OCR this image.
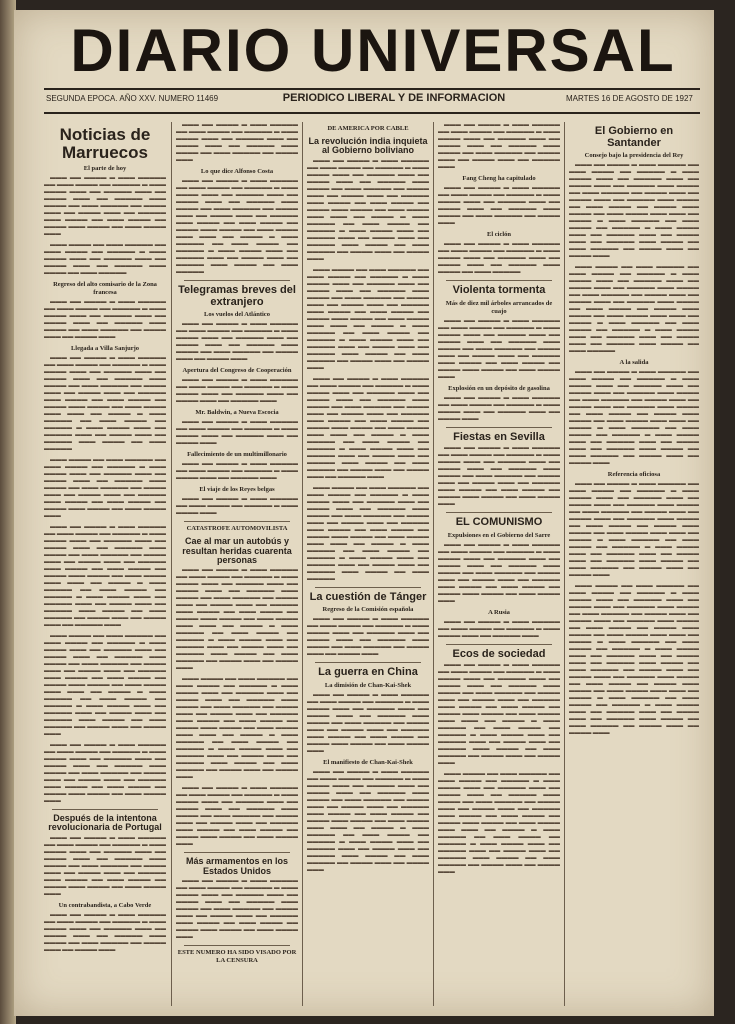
DIARIO UNIVERSAL
SEGUNDA EPOCA. AÑO XXV. NUMERO 11469	PERIODICO LIBERAL Y DE INFORMACION	MARTES 16 DE AGOSTO DE 1927
Noticias de Marruecos
El parte de hoy

▬▬▬ ▬▬ ▬▬▬▬ ▬ ▬▬▬ ▬▬▬▬▬ ▬▬ ▬▬▬ ▬▬▬▬ ▬▬ ▬▬▬▬▬ ▬ ▬▬▬ ▬▬▬▬ ▬▬▬ ▬▬ ▬▬▬▬▬ ▬▬▬ ▬▬ ▬▬▬▬ ▬▬▬ ▬▬ ▬▬▬▬▬ ▬▬▬ ▬▬▬▬ ▬▬ ▬▬▬ ▬▬▬▬▬ ▬▬ ▬▬▬▬ ▬▬▬ ▬▬ ▬▬▬▬ ▬▬▬ ▬▬ ▬▬▬▬▬ ▬▬▬ ▬▬▬▬ ▬▬ ▬▬▬ ▬▬▬▬ ▬▬ ▬▬▬▬ ▬▬▬ ▬▬▬▬ ▬▬ ▬▬▬ ▬▬▬▬ ▬▬▬

▬▬▬ ▬▬▬▬ ▬▬ ▬▬▬ ▬▬▬▬▬ ▬▬ ▬▬▬ ▬▬▬▬ ▬▬ ▬▬▬▬▬ ▬ ▬▬▬ ▬▬▬▬ ▬▬▬ ▬▬ ▬▬▬▬▬ ▬▬▬ ▬▬ ▬▬▬▬ ▬▬▬ ▬▬ ▬▬▬▬▬ ▬▬▬ ▬▬▬▬ ▬▬ ▬▬▬ ▬▬▬▬▬

Regreso del alto comisario de la Zona francesa

▬▬▬ ▬▬ ▬▬▬▬ ▬ ▬▬▬ ▬▬▬▬▬ ▬▬ ▬▬▬ ▬▬▬▬ ▬▬ ▬▬▬▬▬ ▬ ▬▬▬ ▬▬▬▬ ▬▬▬ ▬▬ ▬▬▬▬▬ ▬▬▬ ▬▬ ▬▬▬▬ ▬▬▬ ▬▬ ▬▬▬▬▬ ▬▬▬ ▬▬▬▬ ▬▬ ▬▬▬ ▬▬▬▬▬ ▬▬ ▬▬▬▬ ▬▬▬ ▬▬ ▬▬▬▬ ▬▬▬

Llegada a Villa Sanjurjo

▬▬▬ ▬▬ ▬▬▬▬ ▬ ▬▬▬ ▬▬▬▬▬ ▬▬ ▬▬▬ ▬▬▬▬ ▬▬ ▬▬▬▬▬ ▬ ▬▬▬ ▬▬▬▬ ▬▬▬ ▬▬ ▬▬▬▬▬ ▬▬▬ ▬▬ ▬▬▬▬ ▬▬▬ ▬▬ ▬▬▬▬▬ ▬▬▬ ▬▬▬▬ ▬▬ ▬▬▬ ▬▬▬▬▬ ▬▬ ▬▬▬▬ ▬▬▬ ▬▬ ▬▬▬▬ ▬▬▬ ▬▬ ▬▬▬▬▬ ▬▬▬ ▬▬▬▬ ▬▬ ▬▬▬ ▬▬▬▬ ▬▬ ▬▬▬▬ ▬▬▬ ▬▬▬▬ ▬▬ ▬▬▬ ▬▬▬▬ ▬▬▬ ▬▬▬ ▬▬ ▬▬▬▬ ▬ ▬▬▬ ▬▬▬▬▬ ▬▬ ▬▬▬ ▬▬▬▬ ▬▬ ▬▬▬▬▬ ▬ ▬▬▬ ▬▬▬▬ ▬▬▬ ▬▬ ▬▬▬▬▬ ▬▬▬ ▬▬ ▬▬▬▬ ▬▬▬ ▬▬ ▬▬▬▬▬ ▬▬▬ ▬▬▬▬ ▬▬ ▬▬▬ ▬▬▬▬▬

▬▬▬ ▬▬▬▬ ▬▬ ▬▬▬ ▬▬▬▬▬ ▬▬ ▬▬▬ ▬▬▬▬ ▬▬ ▬▬▬▬▬ ▬ ▬▬▬ ▬▬▬▬ ▬▬▬ ▬▬ ▬▬▬▬▬ ▬▬▬ ▬▬ ▬▬▬▬ ▬▬▬ ▬▬ ▬▬▬▬▬ ▬▬▬ ▬▬▬▬ ▬▬ ▬▬▬ ▬▬▬▬▬ ▬▬ ▬▬▬▬ ▬▬▬ ▬▬ ▬▬▬▬ ▬▬▬ ▬▬ ▬▬▬▬▬ ▬▬▬ ▬▬▬▬ ▬▬ ▬▬▬ ▬▬▬▬ ▬▬ ▬▬▬▬ ▬▬▬ ▬▬▬▬ ▬▬ ▬▬▬ ▬▬▬▬ ▬▬▬

▬▬▬ ▬▬ ▬▬▬▬ ▬ ▬▬▬ ▬▬▬▬▬ ▬▬ ▬▬▬ ▬▬▬▬ ▬▬ ▬▬▬▬▬ ▬ ▬▬▬ ▬▬▬▬ ▬▬▬ ▬▬ ▬▬▬▬▬ ▬▬▬ ▬▬ ▬▬▬▬ ▬▬▬ ▬▬ ▬▬▬▬▬ ▬▬▬ ▬▬▬▬ ▬▬ ▬▬▬ ▬▬▬▬▬ ▬▬ ▬▬▬▬ ▬▬▬ ▬▬ ▬▬▬▬ ▬▬▬ ▬▬ ▬▬▬▬▬ ▬▬▬ ▬▬▬▬ ▬▬ ▬▬▬ ▬▬▬▬ ▬▬ ▬▬▬▬ ▬▬▬ ▬▬▬▬ ▬▬ ▬▬▬ ▬▬▬▬ ▬▬▬ ▬▬▬ ▬▬ ▬▬▬▬ ▬ ▬▬▬ ▬▬▬▬▬ ▬▬ ▬▬▬ ▬▬▬▬ ▬▬ ▬▬▬▬▬ ▬ ▬▬▬ ▬▬▬▬ ▬▬▬ ▬▬ ▬▬▬▬▬ ▬▬▬ ▬▬ ▬▬▬▬ ▬▬▬ ▬▬ ▬▬▬▬▬ ▬▬▬ ▬▬▬▬ ▬▬ ▬▬▬ ▬▬▬▬▬ ▬▬ ▬▬▬▬ ▬▬▬ ▬▬ ▬▬▬▬ ▬▬▬ ▬▬ ▬▬▬▬▬ ▬▬▬

▬▬▬ ▬▬▬▬ ▬▬ ▬▬▬ ▬▬▬▬▬ ▬▬ ▬▬▬ ▬▬▬▬ ▬▬ ▬▬▬▬▬ ▬ ▬▬▬ ▬▬▬▬ ▬▬▬ ▬▬ ▬▬▬▬▬ ▬▬▬ ▬▬ ▬▬▬▬ ▬▬▬ ▬▬ ▬▬▬▬▬ ▬▬▬ ▬▬▬▬ ▬▬ ▬▬▬ ▬▬▬▬▬ ▬▬ ▬▬▬▬ ▬▬▬ ▬▬ ▬▬▬▬ ▬▬▬ ▬▬ ▬▬▬▬▬ ▬▬▬ ▬▬▬▬ ▬▬ ▬▬▬ ▬▬▬▬ ▬▬ ▬▬▬▬ ▬▬▬ ▬▬▬▬ ▬▬ ▬▬▬ ▬▬▬▬ ▬▬▬ ▬▬▬ ▬▬ ▬▬▬▬ ▬ ▬▬▬ ▬▬▬▬▬ ▬▬ ▬▬▬ ▬▬▬▬ ▬▬ ▬▬▬▬▬ ▬ ▬▬▬ ▬▬▬▬ ▬▬▬ ▬▬ ▬▬▬▬▬ ▬▬▬ ▬▬ ▬▬▬▬ ▬▬▬ ▬▬ ▬▬▬▬▬ ▬▬▬ ▬▬▬▬ ▬▬ ▬▬▬ ▬▬▬▬▬ ▬▬ ▬▬▬▬ ▬▬▬ ▬▬ ▬▬▬▬ ▬▬▬

▬▬▬ ▬▬ ▬▬▬▬ ▬ ▬▬▬ ▬▬▬▬▬ ▬▬ ▬▬▬ ▬▬▬▬ ▬▬ ▬▬▬▬▬ ▬ ▬▬▬ ▬▬▬▬ ▬▬▬ ▬▬ ▬▬▬▬▬ ▬▬▬ ▬▬ ▬▬▬▬ ▬▬▬ ▬▬ ▬▬▬▬▬ ▬▬▬ ▬▬▬▬ ▬▬ ▬▬▬ ▬▬▬▬▬ ▬▬ ▬▬▬▬ ▬▬▬ ▬▬ ▬▬▬▬ ▬▬▬ ▬▬ ▬▬▬▬▬ ▬▬▬ ▬▬▬▬ ▬▬ ▬▬▬ ▬▬▬▬ ▬▬ ▬▬▬▬ ▬▬▬ ▬▬▬▬ ▬▬ ▬▬▬ ▬▬▬▬ ▬▬▬

Después de la intentona revolucionaria de Portugal

▬▬▬ ▬▬ ▬▬▬▬ ▬ ▬▬▬ ▬▬▬▬▬ ▬▬ ▬▬▬ ▬▬▬▬ ▬▬ ▬▬▬▬▬ ▬ ▬▬▬ ▬▬▬▬ ▬▬▬ ▬▬ ▬▬▬▬▬ ▬▬▬ ▬▬ ▬▬▬▬ ▬▬▬ ▬▬ ▬▬▬▬▬ ▬▬▬ ▬▬▬▬ ▬▬ ▬▬▬ ▬▬▬▬▬ ▬▬ ▬▬▬▬ ▬▬▬ ▬▬ ▬▬▬▬ ▬▬▬ ▬▬ ▬▬▬▬▬ ▬▬▬ ▬▬▬▬ ▬▬ ▬▬▬ ▬▬▬▬ ▬▬ ▬▬▬▬ ▬▬▬ ▬▬▬▬ ▬▬ ▬▬▬ ▬▬▬▬ ▬▬▬

Un contrabandista, a Cabo Verde

▬▬▬ ▬▬ ▬▬▬▬ ▬ ▬▬▬ ▬▬▬▬▬ ▬▬ ▬▬▬ ▬▬▬▬ ▬▬ ▬▬▬▬▬ ▬ ▬▬▬ ▬▬▬▬ ▬▬▬ ▬▬ ▬▬▬▬▬ ▬▬▬ ▬▬ ▬▬▬▬ ▬▬▬ ▬▬ ▬▬▬▬▬ ▬▬▬ ▬▬▬▬ ▬▬ ▬▬▬ ▬▬▬▬▬ ▬▬ ▬▬▬▬ ▬▬▬ ▬▬ ▬▬▬▬ ▬▬▬

▬▬▬ ▬▬ ▬▬▬▬ ▬ ▬▬▬ ▬▬▬▬▬ ▬▬ ▬▬▬ ▬▬▬▬ ▬▬ ▬▬▬▬▬ ▬ ▬▬▬ ▬▬▬▬ ▬▬▬ ▬▬ ▬▬▬▬▬ ▬▬▬ ▬▬ ▬▬▬▬ ▬▬▬ ▬▬ ▬▬▬▬▬ ▬▬▬ ▬▬▬▬ ▬▬ ▬▬▬ ▬▬▬▬▬ ▬▬ ▬▬▬▬ ▬▬▬

Lo que dice Alfonso Costa

▬▬▬ ▬▬ ▬▬▬▬ ▬ ▬▬▬ ▬▬▬▬▬ ▬▬ ▬▬▬ ▬▬▬▬ ▬▬ ▬▬▬▬▬ ▬ ▬▬▬ ▬▬▬▬ ▬▬▬ ▬▬ ▬▬▬▬▬ ▬▬▬ ▬▬ ▬▬▬▬ ▬▬▬ ▬▬ ▬▬▬▬▬ ▬▬▬ ▬▬▬▬ ▬▬ ▬▬▬ ▬▬▬▬▬ ▬▬ ▬▬▬▬ ▬▬▬ ▬▬ ▬▬▬▬ ▬▬▬ ▬▬ ▬▬▬▬▬ ▬▬▬ ▬▬▬▬ ▬▬ ▬▬▬ ▬▬▬▬ ▬▬ ▬▬▬▬ ▬▬▬ ▬▬▬▬ ▬▬ ▬▬▬ ▬▬▬▬ ▬▬▬ ▬▬▬ ▬▬ ▬▬▬▬ ▬ ▬▬▬ ▬▬▬▬▬ ▬▬ ▬▬▬ ▬▬▬▬ ▬▬ ▬▬▬▬▬ ▬ ▬▬▬ ▬▬▬▬ ▬▬▬ ▬▬ ▬▬▬▬▬ ▬▬▬ ▬▬ ▬▬▬▬ ▬▬▬ ▬▬ ▬▬▬▬▬ ▬▬▬ ▬▬▬▬ ▬▬ ▬▬▬ ▬▬▬▬▬

Telegramas breves del extranjero
Los vuelos del Atlántico

▬▬▬ ▬▬ ▬▬▬▬ ▬ ▬▬▬ ▬▬▬▬▬ ▬▬ ▬▬▬ ▬▬▬▬ ▬▬ ▬▬▬▬▬ ▬ ▬▬▬ ▬▬▬▬ ▬▬▬ ▬▬ ▬▬▬▬▬ ▬▬▬ ▬▬ ▬▬▬▬ ▬▬▬ ▬▬ ▬▬▬▬▬ ▬▬▬ ▬▬▬▬ ▬▬ ▬▬▬ ▬▬▬▬▬ ▬▬ ▬▬▬▬ ▬▬▬ ▬▬ ▬▬▬▬ ▬▬▬

Apertura del Congreso de Cooperación

▬▬▬ ▬▬ ▬▬▬▬ ▬ ▬▬▬ ▬▬▬▬▬ ▬▬ ▬▬▬ ▬▬▬▬ ▬▬ ▬▬▬▬▬ ▬ ▬▬▬ ▬▬▬▬ ▬▬▬ ▬▬ ▬▬▬▬▬ ▬▬▬ ▬▬ ▬▬▬▬ ▬▬▬ ▬▬ ▬▬▬▬▬ ▬▬▬

Mr. Baldwin, a Nueva Escocia

▬▬▬ ▬▬ ▬▬▬▬ ▬ ▬▬▬ ▬▬▬▬▬ ▬▬ ▬▬▬ ▬▬▬▬ ▬▬ ▬▬▬▬▬ ▬ ▬▬▬ ▬▬▬▬ ▬▬▬ ▬▬ ▬▬▬▬▬ ▬▬▬ ▬▬ ▬▬▬▬ ▬▬▬

Fallecimiento de un multimillonario

▬▬▬ ▬▬ ▬▬▬▬ ▬ ▬▬▬ ▬▬▬▬▬ ▬▬ ▬▬▬ ▬▬▬▬ ▬▬ ▬▬▬▬▬ ▬ ▬▬▬ ▬▬▬▬ ▬▬▬ ▬▬ ▬▬▬▬▬ ▬▬▬

El viaje de los Reyes belgas

▬▬▬ ▬▬ ▬▬▬▬ ▬ ▬▬▬ ▬▬▬▬▬ ▬▬ ▬▬▬ ▬▬▬▬ ▬▬ ▬▬▬▬▬ ▬ ▬▬▬ ▬▬▬▬ ▬▬▬

CATASTROFE AUTOMOVILISTA
Cae al mar un autobús y resultan heridas cuarenta personas

▬▬▬ ▬▬ ▬▬▬▬ ▬ ▬▬▬ ▬▬▬▬▬ ▬▬ ▬▬▬ ▬▬▬▬ ▬▬ ▬▬▬▬▬ ▬ ▬▬▬ ▬▬▬▬ ▬▬▬ ▬▬ ▬▬▬▬▬ ▬▬▬ ▬▬ ▬▬▬▬ ▬▬▬ ▬▬ ▬▬▬▬▬ ▬▬▬ ▬▬▬▬ ▬▬ ▬▬▬ ▬▬▬▬▬ ▬▬ ▬▬▬▬ ▬▬▬ ▬▬ ▬▬▬▬ ▬▬▬ ▬▬ ▬▬▬▬▬ ▬▬▬ ▬▬▬▬ ▬▬ ▬▬▬ ▬▬▬▬ ▬▬ ▬▬▬▬ ▬▬▬ ▬▬▬▬ ▬▬ ▬▬▬ ▬▬▬▬ ▬▬▬ ▬▬▬ ▬▬ ▬▬▬▬ ▬ ▬▬▬ ▬▬▬▬▬ ▬▬ ▬▬▬ ▬▬▬▬ ▬▬ ▬▬▬▬▬ ▬ ▬▬▬ ▬▬▬▬ ▬▬▬ ▬▬ ▬▬▬▬▬ ▬▬▬ ▬▬ ▬▬▬▬ ▬▬▬ ▬▬ ▬▬▬▬▬ ▬▬▬ ▬▬▬▬ ▬▬ ▬▬▬ ▬▬▬▬▬ ▬▬ ▬▬▬▬ ▬▬▬ ▬▬ ▬▬▬▬ ▬▬▬

▬▬▬ ▬▬▬▬ ▬▬ ▬▬▬ ▬▬▬▬▬ ▬▬ ▬▬▬ ▬▬▬▬ ▬▬ ▬▬▬▬▬ ▬ ▬▬▬ ▬▬▬▬ ▬▬▬ ▬▬ ▬▬▬▬▬ ▬▬▬ ▬▬ ▬▬▬▬ ▬▬▬ ▬▬ ▬▬▬▬▬ ▬▬▬ ▬▬▬▬ ▬▬ ▬▬▬ ▬▬▬▬▬ ▬▬ ▬▬▬▬ ▬▬▬ ▬▬ ▬▬▬▬ ▬▬▬ ▬▬ ▬▬▬▬▬ ▬▬▬ ▬▬▬▬ ▬▬ ▬▬▬ ▬▬▬▬ ▬▬ ▬▬▬▬ ▬▬▬ ▬▬▬▬ ▬▬ ▬▬▬ ▬▬▬▬ ▬▬▬ ▬▬▬ ▬▬ ▬▬▬▬ ▬ ▬▬▬ ▬▬▬▬▬ ▬▬ ▬▬▬ ▬▬▬▬ ▬▬ ▬▬▬▬▬ ▬ ▬▬▬ ▬▬▬▬ ▬▬▬ ▬▬ ▬▬▬▬▬ ▬▬▬ ▬▬ ▬▬▬▬ ▬▬▬ ▬▬ ▬▬▬▬▬ ▬▬▬ ▬▬▬▬ ▬▬ ▬▬▬ ▬▬▬▬▬ ▬▬ ▬▬▬▬ ▬▬▬ ▬▬ ▬▬▬▬ ▬▬▬

▬▬▬ ▬▬ ▬▬▬▬ ▬ ▬▬▬ ▬▬▬▬▬ ▬▬ ▬▬▬ ▬▬▬▬ ▬▬ ▬▬▬▬▬ ▬ ▬▬▬ ▬▬▬▬ ▬▬▬ ▬▬ ▬▬▬▬▬ ▬▬▬ ▬▬ ▬▬▬▬ ▬▬▬ ▬▬ ▬▬▬▬▬ ▬▬▬ ▬▬▬▬ ▬▬ ▬▬▬ ▬▬▬▬▬ ▬▬ ▬▬▬▬ ▬▬▬ ▬▬ ▬▬▬▬ ▬▬▬ ▬▬ ▬▬▬▬▬ ▬▬▬ ▬▬▬▬ ▬▬ ▬▬▬ ▬▬▬▬ ▬▬ ▬▬▬▬ ▬▬▬ ▬▬▬▬ ▬▬ ▬▬▬ ▬▬▬▬ ▬▬▬

Más armamentos en los Estados Unidos

▬▬▬ ▬▬ ▬▬▬▬ ▬ ▬▬▬ ▬▬▬▬▬ ▬▬ ▬▬▬ ▬▬▬▬ ▬▬ ▬▬▬▬▬ ▬ ▬▬▬ ▬▬▬▬ ▬▬▬ ▬▬ ▬▬▬▬▬ ▬▬▬ ▬▬ ▬▬▬▬ ▬▬▬ ▬▬ ▬▬▬▬▬ ▬▬▬ ▬▬▬▬ ▬▬ ▬▬▬ ▬▬▬▬▬ ▬▬ ▬▬▬▬ ▬▬▬ ▬▬ ▬▬▬▬ ▬▬▬ ▬▬ ▬▬▬▬▬ ▬▬▬ ▬▬▬▬ ▬▬ ▬▬▬ ▬▬▬▬ ▬▬ ▬▬▬▬ ▬▬▬ ▬▬▬▬ ▬▬ ▬▬▬ ▬▬▬▬ ▬▬▬

ESTE NUMERO HA SIDO VISADO POR LA CENSURA
DE AMERICA POR CABLE
La revolución india inquieta al Gobierno boliviano

▬▬▬ ▬▬ ▬▬▬▬ ▬ ▬▬▬ ▬▬▬▬▬ ▬▬ ▬▬▬ ▬▬▬▬ ▬▬ ▬▬▬▬▬ ▬ ▬▬▬ ▬▬▬▬ ▬▬▬ ▬▬ ▬▬▬▬▬ ▬▬▬ ▬▬ ▬▬▬▬ ▬▬▬ ▬▬ ▬▬▬▬▬ ▬▬▬ ▬▬▬▬ ▬▬ ▬▬▬ ▬▬▬▬▬ ▬▬ ▬▬▬▬ ▬▬▬ ▬▬ ▬▬▬▬ ▬▬▬ ▬▬ ▬▬▬▬▬ ▬▬▬ ▬▬▬▬ ▬▬ ▬▬▬ ▬▬▬▬ ▬▬ ▬▬▬▬ ▬▬▬ ▬▬▬▬ ▬▬ ▬▬▬ ▬▬▬▬ ▬▬▬ ▬▬▬ ▬▬ ▬▬▬▬ ▬ ▬▬▬ ▬▬▬▬▬ ▬▬ ▬▬▬ ▬▬▬▬ ▬▬ ▬▬▬▬▬ ▬ ▬▬▬ ▬▬▬▬ ▬▬▬ ▬▬ ▬▬▬▬▬ ▬▬▬ ▬▬ ▬▬▬▬ ▬▬▬ ▬▬ ▬▬▬▬▬ ▬▬▬ ▬▬▬▬ ▬▬ ▬▬▬ ▬▬▬▬▬ ▬▬ ▬▬▬▬ ▬▬▬ ▬▬ ▬▬▬▬ ▬▬▬

▬▬▬ ▬▬▬▬ ▬▬ ▬▬▬ ▬▬▬▬▬ ▬▬ ▬▬▬ ▬▬▬▬ ▬▬ ▬▬▬▬▬ ▬ ▬▬▬ ▬▬▬▬ ▬▬▬ ▬▬ ▬▬▬▬▬ ▬▬▬ ▬▬ ▬▬▬▬ ▬▬▬ ▬▬ ▬▬▬▬▬ ▬▬▬ ▬▬▬▬ ▬▬ ▬▬▬ ▬▬▬▬▬ ▬▬ ▬▬▬▬ ▬▬▬ ▬▬ ▬▬▬▬ ▬▬▬ ▬▬ ▬▬▬▬▬ ▬▬▬ ▬▬▬▬ ▬▬ ▬▬▬ ▬▬▬▬ ▬▬ ▬▬▬▬ ▬▬▬ ▬▬▬▬ ▬▬ ▬▬▬ ▬▬▬▬ ▬▬▬ ▬▬▬ ▬▬ ▬▬▬▬ ▬ ▬▬▬ ▬▬▬▬▬ ▬▬ ▬▬▬ ▬▬▬▬ ▬▬ ▬▬▬▬▬ ▬ ▬▬▬ ▬▬▬▬ ▬▬▬ ▬▬ ▬▬▬▬▬ ▬▬▬ ▬▬ ▬▬▬▬ ▬▬▬ ▬▬ ▬▬▬▬▬ ▬▬▬ ▬▬▬▬ ▬▬ ▬▬▬ ▬▬▬▬▬ ▬▬ ▬▬▬▬ ▬▬▬ ▬▬ ▬▬▬▬ ▬▬▬

▬▬▬ ▬▬ ▬▬▬▬ ▬ ▬▬▬ ▬▬▬▬▬ ▬▬ ▬▬▬ ▬▬▬▬ ▬▬ ▬▬▬▬▬ ▬ ▬▬▬ ▬▬▬▬ ▬▬▬ ▬▬ ▬▬▬▬▬ ▬▬▬ ▬▬ ▬▬▬▬ ▬▬▬ ▬▬ ▬▬▬▬▬ ▬▬▬ ▬▬▬▬ ▬▬ ▬▬▬ ▬▬▬▬▬ ▬▬ ▬▬▬▬ ▬▬▬ ▬▬ ▬▬▬▬ ▬▬▬ ▬▬ ▬▬▬▬▬ ▬▬▬ ▬▬▬▬ ▬▬ ▬▬▬ ▬▬▬▬ ▬▬ ▬▬▬▬ ▬▬▬ ▬▬▬▬ ▬▬ ▬▬▬ ▬▬▬▬ ▬▬▬ ▬▬▬ ▬▬ ▬▬▬▬ ▬ ▬▬▬ ▬▬▬▬▬ ▬▬ ▬▬▬ ▬▬▬▬ ▬▬ ▬▬▬▬▬ ▬ ▬▬▬ ▬▬▬▬ ▬▬▬ ▬▬ ▬▬▬▬▬ ▬▬▬ ▬▬ ▬▬▬▬ ▬▬▬ ▬▬ ▬▬▬▬▬ ▬▬▬ ▬▬▬▬ ▬▬ ▬▬▬ ▬▬▬▬▬ ▬▬ ▬▬▬▬ ▬▬▬ ▬▬ ▬▬▬▬ ▬▬▬ ▬▬ ▬▬▬▬▬ ▬▬▬

▬▬▬ ▬▬▬▬ ▬▬ ▬▬▬ ▬▬▬▬▬ ▬▬ ▬▬▬ ▬▬▬▬ ▬▬ ▬▬▬▬▬ ▬ ▬▬▬ ▬▬▬▬ ▬▬▬ ▬▬ ▬▬▬▬▬ ▬▬▬ ▬▬ ▬▬▬▬ ▬▬▬ ▬▬ ▬▬▬▬▬ ▬▬▬ ▬▬▬▬ ▬▬ ▬▬▬ ▬▬▬▬▬ ▬▬ ▬▬▬▬ ▬▬▬ ▬▬ ▬▬▬▬ ▬▬▬ ▬▬ ▬▬▬▬▬ ▬▬▬ ▬▬▬▬ ▬▬ ▬▬▬ ▬▬▬▬ ▬▬ ▬▬▬▬ ▬▬▬ ▬▬▬▬ ▬▬ ▬▬▬ ▬▬▬▬ ▬▬▬ ▬▬▬ ▬▬ ▬▬▬▬ ▬ ▬▬▬ ▬▬▬▬▬ ▬▬ ▬▬▬ ▬▬▬▬ ▬▬ ▬▬▬▬▬ ▬ ▬▬▬ ▬▬▬▬ ▬▬▬ ▬▬ ▬▬▬▬▬ ▬▬▬ ▬▬ ▬▬▬▬ ▬▬▬ ▬▬ ▬▬▬▬▬ ▬▬▬ ▬▬▬▬ ▬▬ ▬▬▬ ▬▬▬▬▬

La cuestión de Tánger
Regreso de la Comisión española

▬▬▬ ▬▬ ▬▬▬▬ ▬ ▬▬▬ ▬▬▬▬▬ ▬▬ ▬▬▬ ▬▬▬▬ ▬▬ ▬▬▬▬▬ ▬ ▬▬▬ ▬▬▬▬ ▬▬▬ ▬▬ ▬▬▬▬▬ ▬▬▬ ▬▬ ▬▬▬▬ ▬▬▬ ▬▬ ▬▬▬▬▬ ▬▬▬ ▬▬▬▬ ▬▬ ▬▬▬ ▬▬▬▬▬ ▬▬ ▬▬▬▬ ▬▬▬ ▬▬ ▬▬▬▬ ▬▬▬

La guerra en China
La dimisión de Chan-Kai-Shek

▬▬▬ ▬▬ ▬▬▬▬ ▬ ▬▬▬ ▬▬▬▬▬ ▬▬ ▬▬▬ ▬▬▬▬ ▬▬ ▬▬▬▬▬ ▬ ▬▬▬ ▬▬▬▬ ▬▬▬ ▬▬ ▬▬▬▬▬ ▬▬▬ ▬▬ ▬▬▬▬ ▬▬▬ ▬▬ ▬▬▬▬▬ ▬▬▬ ▬▬▬▬ ▬▬ ▬▬▬ ▬▬▬▬▬ ▬▬ ▬▬▬▬ ▬▬▬ ▬▬ ▬▬▬▬ ▬▬▬ ▬▬ ▬▬▬▬▬ ▬▬▬ ▬▬▬▬ ▬▬ ▬▬▬ ▬▬▬▬ ▬▬ ▬▬▬▬ ▬▬▬ ▬▬▬▬ ▬▬ ▬▬▬ ▬▬▬▬ ▬▬▬

El manifiesto de Chan-Kai-Shek

▬▬▬ ▬▬ ▬▬▬▬ ▬ ▬▬▬ ▬▬▬▬▬ ▬▬ ▬▬▬ ▬▬▬▬ ▬▬ ▬▬▬▬▬ ▬ ▬▬▬ ▬▬▬▬ ▬▬▬ ▬▬ ▬▬▬▬▬ ▬▬▬ ▬▬ ▬▬▬▬ ▬▬▬ ▬▬ ▬▬▬▬▬ ▬▬▬ ▬▬▬▬ ▬▬ ▬▬▬ ▬▬▬▬▬ ▬▬ ▬▬▬▬ ▬▬▬ ▬▬ ▬▬▬▬ ▬▬▬ ▬▬ ▬▬▬▬▬ ▬▬▬ ▬▬▬▬ ▬▬ ▬▬▬ ▬▬▬▬ ▬▬ ▬▬▬▬ ▬▬▬ ▬▬▬▬ ▬▬ ▬▬▬ ▬▬▬▬ ▬▬▬ ▬▬▬ ▬▬ ▬▬▬▬ ▬ ▬▬▬ ▬▬▬▬▬ ▬▬ ▬▬▬ ▬▬▬▬ ▬▬ ▬▬▬▬▬ ▬ ▬▬▬ ▬▬▬▬ ▬▬▬ ▬▬ ▬▬▬▬▬ ▬▬▬ ▬▬ ▬▬▬▬ ▬▬▬ ▬▬ ▬▬▬▬▬ ▬▬▬ ▬▬▬▬ ▬▬ ▬▬▬ ▬▬▬▬▬ ▬▬ ▬▬▬▬ ▬▬▬ ▬▬ ▬▬▬▬ ▬▬▬

▬▬▬ ▬▬ ▬▬▬▬ ▬ ▬▬▬ ▬▬▬▬▬ ▬▬ ▬▬▬ ▬▬▬▬ ▬▬ ▬▬▬▬▬ ▬ ▬▬▬ ▬▬▬▬ ▬▬▬ ▬▬ ▬▬▬▬▬ ▬▬▬ ▬▬ ▬▬▬▬ ▬▬▬ ▬▬ ▬▬▬▬▬ ▬▬▬ ▬▬▬▬ ▬▬ ▬▬▬ ▬▬▬▬▬ ▬▬ ▬▬▬▬ ▬▬▬ ▬▬ ▬▬▬▬ ▬▬▬ ▬▬ ▬▬▬▬▬ ▬▬▬

Fang Cheng ha capitulado

▬▬▬ ▬▬ ▬▬▬▬ ▬ ▬▬▬ ▬▬▬▬▬ ▬▬ ▬▬▬ ▬▬▬▬ ▬▬ ▬▬▬▬▬ ▬ ▬▬▬ ▬▬▬▬ ▬▬▬ ▬▬ ▬▬▬▬▬ ▬▬▬ ▬▬ ▬▬▬▬ ▬▬▬ ▬▬ ▬▬▬▬▬ ▬▬▬ ▬▬▬▬ ▬▬ ▬▬▬ ▬▬▬▬▬ ▬▬ ▬▬▬▬ ▬▬▬

El ciclón

▬▬▬ ▬▬ ▬▬▬▬ ▬ ▬▬▬ ▬▬▬▬▬ ▬▬ ▬▬▬ ▬▬▬▬ ▬▬ ▬▬▬▬▬ ▬ ▬▬▬ ▬▬▬▬ ▬▬▬ ▬▬ ▬▬▬▬▬ ▬▬▬ ▬▬ ▬▬▬▬ ▬▬▬ ▬▬ ▬▬▬▬▬ ▬▬▬ ▬▬▬▬ ▬▬ ▬▬▬ ▬▬▬▬▬

Violenta tormenta
Más de diez mil árboles arrancados de cuajo

▬▬▬ ▬▬ ▬▬▬▬ ▬ ▬▬▬ ▬▬▬▬▬ ▬▬ ▬▬▬ ▬▬▬▬ ▬▬ ▬▬▬▬▬ ▬ ▬▬▬ ▬▬▬▬ ▬▬▬ ▬▬ ▬▬▬▬▬ ▬▬▬ ▬▬ ▬▬▬▬ ▬▬▬ ▬▬ ▬▬▬▬▬ ▬▬▬ ▬▬▬▬ ▬▬ ▬▬▬ ▬▬▬▬▬ ▬▬ ▬▬▬▬ ▬▬▬ ▬▬ ▬▬▬▬ ▬▬▬ ▬▬ ▬▬▬▬▬ ▬▬▬ ▬▬▬▬ ▬▬ ▬▬▬ ▬▬▬▬ ▬▬ ▬▬▬▬ ▬▬▬ ▬▬▬▬ ▬▬ ▬▬▬ ▬▬▬▬ ▬▬▬

Explosión en un depósito de gasolina

▬▬▬ ▬▬ ▬▬▬▬ ▬ ▬▬▬ ▬▬▬▬▬ ▬▬ ▬▬▬ ▬▬▬▬ ▬▬ ▬▬▬▬▬ ▬ ▬▬▬ ▬▬▬▬ ▬▬▬ ▬▬ ▬▬▬▬▬ ▬▬▬ ▬▬ ▬▬▬▬ ▬▬▬

Fiestas en Sevilla

▬▬▬ ▬▬ ▬▬▬▬ ▬ ▬▬▬ ▬▬▬▬▬ ▬▬ ▬▬▬ ▬▬▬▬ ▬▬ ▬▬▬▬▬ ▬ ▬▬▬ ▬▬▬▬ ▬▬▬ ▬▬ ▬▬▬▬▬ ▬▬▬ ▬▬ ▬▬▬▬ ▬▬▬ ▬▬ ▬▬▬▬▬ ▬▬▬ ▬▬▬▬ ▬▬ ▬▬▬ ▬▬▬▬▬ ▬▬ ▬▬▬▬ ▬▬▬ ▬▬ ▬▬▬▬ ▬▬▬ ▬▬ ▬▬▬▬▬ ▬▬▬ ▬▬▬▬ ▬▬ ▬▬▬ ▬▬▬▬ ▬▬ ▬▬▬▬ ▬▬▬ ▬▬▬▬ ▬▬ ▬▬▬ ▬▬▬▬ ▬▬▬

EL COMUNISMO
Expulsiones en el Gobierno del Sarre

▬▬▬ ▬▬ ▬▬▬▬ ▬ ▬▬▬ ▬▬▬▬▬ ▬▬ ▬▬▬ ▬▬▬▬ ▬▬ ▬▬▬▬▬ ▬ ▬▬▬ ▬▬▬▬ ▬▬▬ ▬▬ ▬▬▬▬▬ ▬▬▬ ▬▬ ▬▬▬▬ ▬▬▬ ▬▬ ▬▬▬▬▬ ▬▬▬ ▬▬▬▬ ▬▬ ▬▬▬ ▬▬▬▬▬ ▬▬ ▬▬▬▬ ▬▬▬ ▬▬ ▬▬▬▬ ▬▬▬ ▬▬ ▬▬▬▬▬ ▬▬▬ ▬▬▬▬ ▬▬ ▬▬▬ ▬▬▬▬ ▬▬ ▬▬▬▬ ▬▬▬ ▬▬▬▬ ▬▬ ▬▬▬ ▬▬▬▬ ▬▬▬

A Rusia

▬▬▬ ▬▬ ▬▬▬▬ ▬ ▬▬▬ ▬▬▬▬▬ ▬▬ ▬▬▬ ▬▬▬▬ ▬▬ ▬▬▬▬▬ ▬ ▬▬▬ ▬▬▬▬ ▬▬▬ ▬▬ ▬▬▬▬▬ ▬▬▬

Ecos de sociedad

▬▬▬ ▬▬ ▬▬▬▬ ▬ ▬▬▬ ▬▬▬▬▬ ▬▬ ▬▬▬ ▬▬▬▬ ▬▬ ▬▬▬▬▬ ▬ ▬▬▬ ▬▬▬▬ ▬▬▬ ▬▬ ▬▬▬▬▬ ▬▬▬ ▬▬ ▬▬▬▬ ▬▬▬ ▬▬ ▬▬▬▬▬ ▬▬▬ ▬▬▬▬ ▬▬ ▬▬▬ ▬▬▬▬▬ ▬▬ ▬▬▬▬ ▬▬▬ ▬▬ ▬▬▬▬ ▬▬▬ ▬▬ ▬▬▬▬▬ ▬▬▬ ▬▬▬▬ ▬▬ ▬▬▬ ▬▬▬▬ ▬▬ ▬▬▬▬ ▬▬▬ ▬▬▬▬ ▬▬ ▬▬▬ ▬▬▬▬ ▬▬▬ ▬▬▬ ▬▬ ▬▬▬▬ ▬ ▬▬▬ ▬▬▬▬▬ ▬▬ ▬▬▬ ▬▬▬▬ ▬▬ ▬▬▬▬▬ ▬ ▬▬▬ ▬▬▬▬ ▬▬▬ ▬▬ ▬▬▬▬▬ ▬▬▬ ▬▬ ▬▬▬▬ ▬▬▬ ▬▬ ▬▬▬▬▬ ▬▬▬ ▬▬▬▬ ▬▬ ▬▬▬ ▬▬▬▬▬ ▬▬ ▬▬▬▬ ▬▬▬ ▬▬ ▬▬▬▬ ▬▬▬

▬▬▬ ▬▬▬▬ ▬▬ ▬▬▬ ▬▬▬▬▬ ▬▬ ▬▬▬ ▬▬▬▬ ▬▬ ▬▬▬▬▬ ▬ ▬▬▬ ▬▬▬▬ ▬▬▬ ▬▬ ▬▬▬▬▬ ▬▬▬ ▬▬ ▬▬▬▬ ▬▬▬ ▬▬ ▬▬▬▬▬ ▬▬▬ ▬▬▬▬ ▬▬ ▬▬▬ ▬▬▬▬▬ ▬▬ ▬▬▬▬ ▬▬▬ ▬▬ ▬▬▬▬ ▬▬▬ ▬▬ ▬▬▬▬▬ ▬▬▬ ▬▬▬▬ ▬▬ ▬▬▬ ▬▬▬▬ ▬▬ ▬▬▬▬ ▬▬▬ ▬▬▬▬ ▬▬ ▬▬▬ ▬▬▬▬ ▬▬▬ ▬▬▬ ▬▬ ▬▬▬▬ ▬ ▬▬▬ ▬▬▬▬▬ ▬▬ ▬▬▬ ▬▬▬▬ ▬▬ ▬▬▬▬▬ ▬ ▬▬▬ ▬▬▬▬ ▬▬▬ ▬▬ ▬▬▬▬▬ ▬▬▬ ▬▬ ▬▬▬▬ ▬▬▬ ▬▬ ▬▬▬▬▬ ▬▬▬ ▬▬▬▬ ▬▬ ▬▬▬ ▬▬▬▬▬ ▬▬ ▬▬▬▬ ▬▬▬ ▬▬ ▬▬▬▬ ▬▬▬

El Gobierno en Santander
Consejo bajo la presidencia del Rey

▬▬▬ ▬▬ ▬▬▬▬ ▬ ▬▬▬ ▬▬▬▬▬ ▬▬ ▬▬▬ ▬▬▬▬ ▬▬ ▬▬▬▬▬ ▬ ▬▬▬ ▬▬▬▬ ▬▬▬ ▬▬ ▬▬▬▬▬ ▬▬▬ ▬▬ ▬▬▬▬ ▬▬▬ ▬▬ ▬▬▬▬▬ ▬▬▬ ▬▬▬▬ ▬▬ ▬▬▬ ▬▬▬▬▬ ▬▬ ▬▬▬▬ ▬▬▬ ▬▬ ▬▬▬▬ ▬▬▬ ▬▬ ▬▬▬▬▬ ▬▬▬ ▬▬▬▬ ▬▬ ▬▬▬ ▬▬▬▬ ▬▬ ▬▬▬▬ ▬▬▬ ▬▬▬▬ ▬▬ ▬▬▬ ▬▬▬▬ ▬▬▬ ▬▬▬ ▬▬ ▬▬▬▬ ▬ ▬▬▬ ▬▬▬▬▬ ▬▬ ▬▬▬ ▬▬▬▬ ▬▬ ▬▬▬▬▬ ▬ ▬▬▬ ▬▬▬▬ ▬▬▬ ▬▬ ▬▬▬▬▬ ▬▬▬ ▬▬ ▬▬▬▬ ▬▬▬ ▬▬ ▬▬▬▬▬ ▬▬▬ ▬▬▬▬ ▬▬ ▬▬▬ ▬▬▬▬▬ ▬▬ ▬▬▬▬ ▬▬▬ ▬▬ ▬▬▬▬ ▬▬▬

▬▬▬ ▬▬▬▬ ▬▬ ▬▬▬ ▬▬▬▬▬ ▬▬ ▬▬▬ ▬▬▬▬ ▬▬ ▬▬▬▬▬ ▬ ▬▬▬ ▬▬▬▬ ▬▬▬ ▬▬ ▬▬▬▬▬ ▬▬▬ ▬▬ ▬▬▬▬ ▬▬▬ ▬▬ ▬▬▬▬▬ ▬▬▬ ▬▬▬▬ ▬▬ ▬▬▬ ▬▬▬▬▬ ▬▬ ▬▬▬▬ ▬▬▬ ▬▬ ▬▬▬▬ ▬▬▬ ▬▬ ▬▬▬▬▬ ▬▬▬ ▬▬▬▬ ▬▬ ▬▬▬ ▬▬▬▬ ▬▬ ▬▬▬▬ ▬▬▬ ▬▬▬▬ ▬▬ ▬▬▬ ▬▬▬▬ ▬▬▬ ▬▬▬ ▬▬ ▬▬▬▬ ▬ ▬▬▬ ▬▬▬▬▬ ▬▬ ▬▬▬ ▬▬▬▬ ▬▬ ▬▬▬▬▬ ▬ ▬▬▬ ▬▬▬▬ ▬▬▬ ▬▬ ▬▬▬▬▬ ▬▬▬ ▬▬ ▬▬▬▬ ▬▬▬ ▬▬ ▬▬▬▬▬ ▬▬▬ ▬▬▬▬ ▬▬ ▬▬▬ ▬▬▬▬▬

A la salida

▬▬▬ ▬▬ ▬▬▬▬ ▬ ▬▬▬ ▬▬▬▬▬ ▬▬ ▬▬▬ ▬▬▬▬ ▬▬ ▬▬▬▬▬ ▬ ▬▬▬ ▬▬▬▬ ▬▬▬ ▬▬ ▬▬▬▬▬ ▬▬▬ ▬▬ ▬▬▬▬ ▬▬▬ ▬▬ ▬▬▬▬▬ ▬▬▬ ▬▬▬▬ ▬▬ ▬▬▬ ▬▬▬▬▬ ▬▬ ▬▬▬▬ ▬▬▬ ▬▬ ▬▬▬▬ ▬▬▬ ▬▬ ▬▬▬▬▬ ▬▬▬ ▬▬▬▬ ▬▬ ▬▬▬ ▬▬▬▬ ▬▬ ▬▬▬▬ ▬▬▬ ▬▬▬▬ ▬▬ ▬▬▬ ▬▬▬▬ ▬▬▬ ▬▬▬ ▬▬ ▬▬▬▬ ▬ ▬▬▬ ▬▬▬▬▬ ▬▬ ▬▬▬ ▬▬▬▬ ▬▬ ▬▬▬▬▬ ▬ ▬▬▬ ▬▬▬▬ ▬▬▬ ▬▬ ▬▬▬▬▬ ▬▬▬ ▬▬ ▬▬▬▬ ▬▬▬ ▬▬ ▬▬▬▬▬ ▬▬▬ ▬▬▬▬ ▬▬ ▬▬▬ ▬▬▬▬▬ ▬▬ ▬▬▬▬ ▬▬▬ ▬▬ ▬▬▬▬ ▬▬▬

Referencia oficiosa

▬▬▬ ▬▬ ▬▬▬▬ ▬ ▬▬▬ ▬▬▬▬▬ ▬▬ ▬▬▬ ▬▬▬▬ ▬▬ ▬▬▬▬▬ ▬ ▬▬▬ ▬▬▬▬ ▬▬▬ ▬▬ ▬▬▬▬▬ ▬▬▬ ▬▬ ▬▬▬▬ ▬▬▬ ▬▬ ▬▬▬▬▬ ▬▬▬ ▬▬▬▬ ▬▬ ▬▬▬ ▬▬▬▬▬ ▬▬ ▬▬▬▬ ▬▬▬ ▬▬ ▬▬▬▬ ▬▬▬ ▬▬ ▬▬▬▬▬ ▬▬▬ ▬▬▬▬ ▬▬ ▬▬▬ ▬▬▬▬ ▬▬ ▬▬▬▬ ▬▬▬ ▬▬▬▬ ▬▬ ▬▬▬ ▬▬▬▬ ▬▬▬ ▬▬▬ ▬▬ ▬▬▬▬ ▬ ▬▬▬ ▬▬▬▬▬ ▬▬ ▬▬▬ ▬▬▬▬ ▬▬ ▬▬▬▬▬ ▬ ▬▬▬ ▬▬▬▬ ▬▬▬ ▬▬ ▬▬▬▬▬ ▬▬▬ ▬▬ ▬▬▬▬ ▬▬▬ ▬▬ ▬▬▬▬▬ ▬▬▬ ▬▬▬▬ ▬▬ ▬▬▬ ▬▬▬▬▬ ▬▬ ▬▬▬▬ ▬▬▬ ▬▬ ▬▬▬▬ ▬▬▬

▬▬▬ ▬▬▬▬ ▬▬ ▬▬▬ ▬▬▬▬▬ ▬▬ ▬▬▬ ▬▬▬▬ ▬▬ ▬▬▬▬▬ ▬ ▬▬▬ ▬▬▬▬ ▬▬▬ ▬▬ ▬▬▬▬▬ ▬▬▬ ▬▬ ▬▬▬▬ ▬▬▬ ▬▬ ▬▬▬▬▬ ▬▬▬ ▬▬▬▬ ▬▬ ▬▬▬ ▬▬▬▬▬ ▬▬ ▬▬▬▬ ▬▬▬ ▬▬ ▬▬▬▬ ▬▬▬ ▬▬ ▬▬▬▬▬ ▬▬▬ ▬▬▬▬ ▬▬ ▬▬▬ ▬▬▬▬ ▬▬ ▬▬▬▬ ▬▬▬ ▬▬▬▬ ▬▬ ▬▬▬ ▬▬▬▬ ▬▬▬ ▬▬▬ ▬▬ ▬▬▬▬ ▬ ▬▬▬ ▬▬▬▬▬ ▬▬ ▬▬▬ ▬▬▬▬ ▬▬ ▬▬▬▬▬ ▬ ▬▬▬ ▬▬▬▬ ▬▬▬ ▬▬ ▬▬▬▬▬ ▬▬▬ ▬▬ ▬▬▬▬ ▬▬▬ ▬▬ ▬▬▬▬▬ ▬▬▬ ▬▬▬▬ ▬▬ ▬▬▬ ▬▬▬▬▬ ▬▬ ▬▬▬▬ ▬▬▬ ▬▬ ▬▬▬▬ ▬▬▬ ▬▬ ▬▬▬▬▬ ▬▬▬ ▬▬▬▬ ▬▬ ▬▬▬ ▬▬▬▬ ▬▬ ▬▬▬▬ ▬▬▬ ▬▬▬▬ ▬▬ ▬▬▬ ▬▬▬▬ ▬▬▬ ▬▬▬ ▬▬ ▬▬▬▬ ▬ ▬▬▬ ▬▬▬▬▬ ▬▬ ▬▬▬ ▬▬▬▬ ▬▬ ▬▬▬▬▬ ▬ ▬▬▬ ▬▬▬▬ ▬▬▬ ▬▬ ▬▬▬▬▬ ▬▬▬ ▬▬ ▬▬▬▬ ▬▬▬ ▬▬ ▬▬▬▬▬ ▬▬▬ ▬▬▬▬ ▬▬ ▬▬▬ ▬▬▬▬▬ ▬▬ ▬▬▬▬ ▬▬▬ ▬▬ ▬▬▬▬ ▬▬▬
